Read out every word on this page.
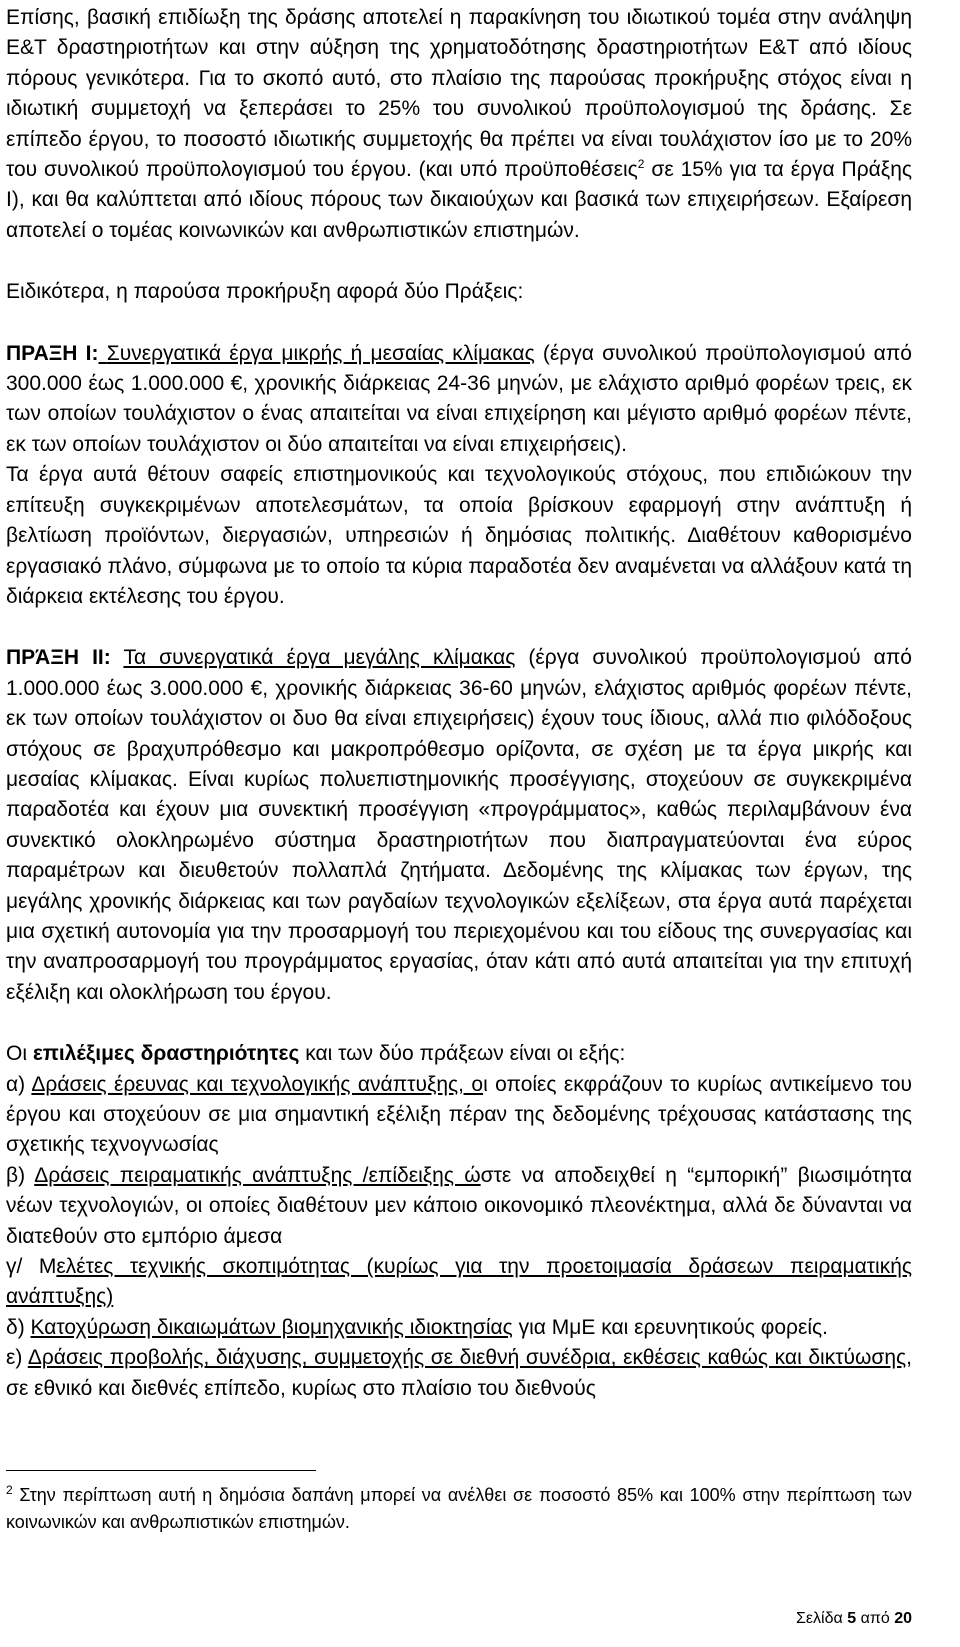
Επίσης, βασική επιδίωξη της δράσης αποτελεί η παρακίνηση του ιδιωτικού τομέα στην ανάληψη Ε&Τ δραστηριοτήτων και στην αύξηση της χρηματοδότησης δραστηριοτήτων Ε&Τ από ιδίους πόρους γενικότερα. Για το σκοπό αυτό, στο πλαίσιο της παρούσας προκήρυξης στόχος είναι η ιδιωτική συμμετοχή να ξεπεράσει το 25% του συνολικού προϋπολογισμού της δράσης. Σε επίπεδο έργου, το ποσοστό ιδιωτικής συμμετοχής θα πρέπει να είναι τουλάχιστον ίσο με το 20% του συνολικού προϋπολογισμού του έργου. (και υπό προϋποθέσεις$^2$ σε 15% για τα έργα Πράξης Ι), και θα καλύπτεται από ιδίους πόρους των δικαιούχων και βασικά των επιχειρήσεων. Εξαίρεση αποτελεί ο τομέας κοινωνικών και ανθρωπιστικών επιστημών.

Ειδικότερα, η παρούσα προκήρυξη αφορά δύο Πράξεις:

ΠΡΑΞΗ Ι: Συνεργατικά έργα μικρής ή μεσαίας κλίμακας (έργα συνολικού προϋπολογισμού από 300.000 έως 1.000.000 €, χρονικής διάρκειας 24-36 μηνών, με ελάχιστο αριθμό φορέων τρεις, εκ των οποίων τουλάχιστον ο ένας απαιτείται να είναι επιχείρηση και μέγιστο αριθμό φορέων πέντε, εκ των οποίων τουλάχιστον οι δύο απαιτείται να είναι επιχειρήσεις).

Τα έργα αυτά θέτουν σαφείς επιστημονικούς και τεχνολογικούς στόχους, που επιδιώκουν την επίτευξη συγκεκριμένων αποτελεσμάτων, τα οποία βρίσκουν εφαρμογή στην ανάπτυξη ή βελτίωση προϊόντων, διεργασιών, υπηρεσιών ή δημόσιας πολιτικής. Διαθέτουν καθορισμένο εργασιακό πλάνο, σύμφωνα με το οποίο τα κύρια παραδοτέα δεν αναμένεται να αλλάξουν κατά τη διάρκεια εκτέλεσης του έργου.

ΠΡΆΞΗ ΙΙ: Τα συνεργατικά έργα μεγάλης κλίμακας (έργα συνολικού προϋπολογισμού από 1.000.000 έως 3.000.000 €, χρονικής διάρκειας 36-60 μηνών, ελάχιστος αριθμός φορέων πέντε, εκ των οποίων τουλάχιστον οι δυο θα είναι επιχειρήσεις) έχουν τους ίδιους, αλλά πιο φιλόδοξους στόχους σε βραχυπρόθεσμο και μακροπρόθεσμο ορίζοντα, σε σχέση με τα έργα μικρής και μεσαίας κλίμακας. Είναι κυρίως πολυεπιστημονικής προσέγγισης, στοχεύουν σε συγκεκριμένα παραδοτέα και έχουν μια συνεκτική προσέγγιση «προγράμματος», καθώς περιλαμβάνουν ένα συνεκτικό ολοκληρωμένο σύστημα δραστηριοτήτων που διαπραγματεύονται ένα εύρος παραμέτρων και διευθετούν πολλαπλά ζητήματα. Δεδομένης της κλίμακας των έργων, της μεγάλης χρονικής διάρκειας και των ραγδαίων τεχνολογικών εξελίξεων, στα έργα αυτά παρέχεται μια σχετική αυτονομία για την προσαρμογή του περιεχομένου και του είδους της συνεργασίας και την αναπροσαρμογή του προγράμματος εργασίας, όταν κάτι από αυτά απαιτείται για την επιτυχή εξέλιξη και ολοκλήρωση του έργου.

Οι επιλέξιμες δραστηριότητες και των δύο πράξεων είναι οι εξής:

α) Δράσεις έρευνας και τεχνολογικής ανάπτυξης, οι οποίες εκφράζουν το κυρίως αντικείμενο του έργου και στοχεύουν σε μια σημαντική εξέλιξη πέραν της δεδομένης τρέχουσας κατάστασης της σχετικής τεχνογνωσίας

β) Δράσεις πειραματικής ανάπτυξης /επίδειξης ώστε να αποδειχθεί η “εμπορική” βιωσιμότητα νέων τεχνολογιών, οι οποίες διαθέτουν μεν κάποιο οικονομικό πλεονέκτημα, αλλά δε δύνανται να διατεθούν στο εμπόριο άμεσα

γ/ Μελέτες τεχνικής σκοπιμότητας (κυρίως για την προετοιμασία δράσεων πειραματικής ανάπτυξης)

δ) Κατοχύρωση δικαιωμάτων βιομηχανικής ιδιοκτησίας για ΜμΕ και ερευνητικούς φορείς.

ε) Δράσεις προβολής, διάχυσης, συμμετοχής σε διεθνή συνέδρια, εκθέσεις καθώς και δικτύωσης, σε εθνικό και διεθνές επίπεδο, κυρίως στο πλαίσιο του διεθνούς

$^2$ Στην περίπτωση αυτή η δημόσια δαπάνη μπορεί να ανέλθει σε ποσοστό 85% και 100% στην περίπτωση των κοινωνικών και ανθρωπιστικών επιστημών.

Σελίδα 5 από 20
